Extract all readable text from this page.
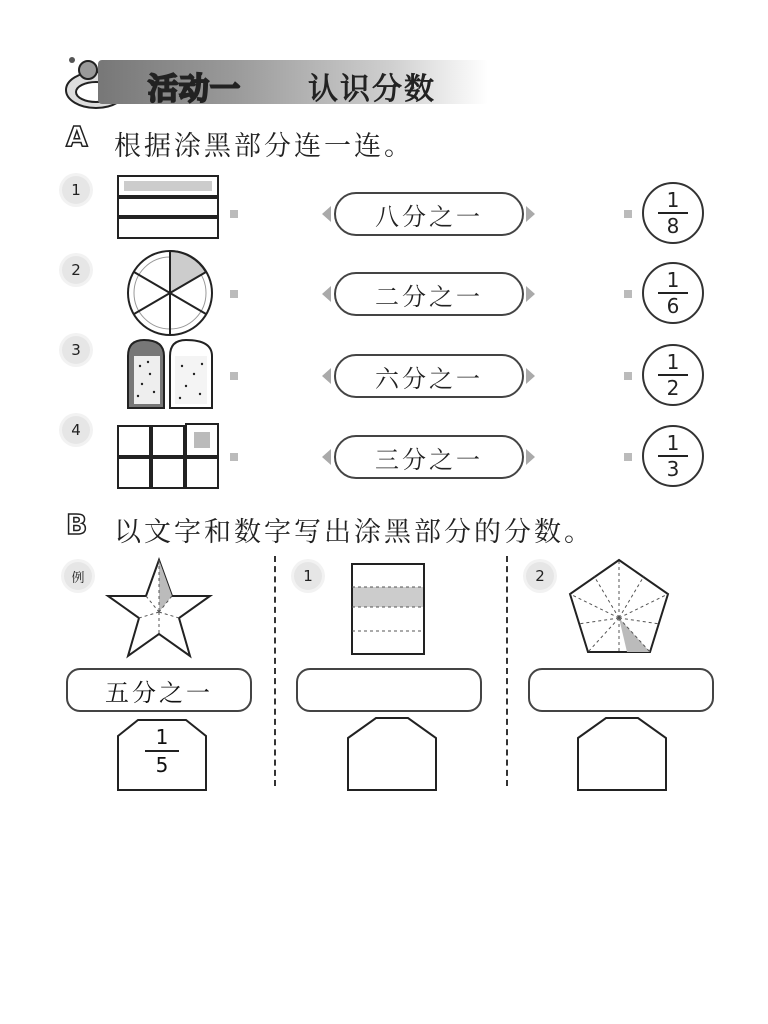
活动一 认识分数
A 根据涂黑部分连一连。
1
2
3
4
八分之一
二分之一
六分之一
三分之一
1
8
1
6
1
2
1
3
B 以文字和数字写出涂黑部分的分数。
例
五分之一
1
5
1	2
